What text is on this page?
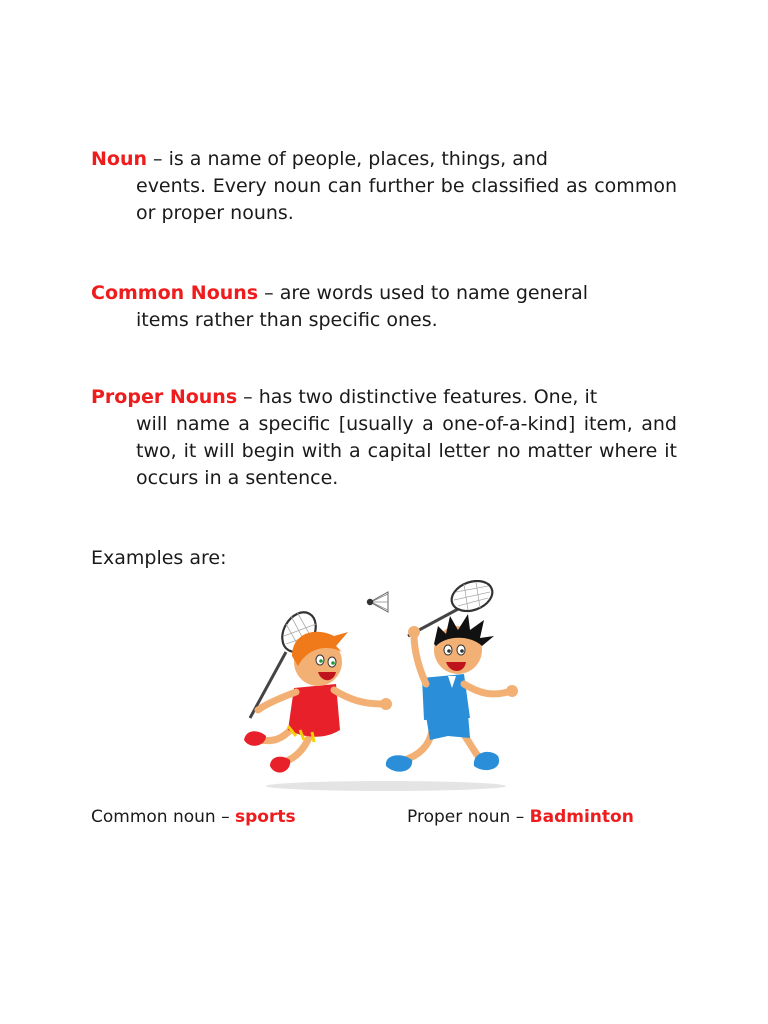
Noun – is a name of people, places, things, and
events. Every noun can further be classified as common or proper nouns.
Common Nouns – are words used to name general
items rather than specific ones.
Proper Nouns – has two distinctive features. One, it
will name a specific [usually a one-of-a-kind] item, and two, it will begin with a capital letter no matter where it occurs in a sentence.
Examples are:
Common noun – sports	Proper noun – Badminton
